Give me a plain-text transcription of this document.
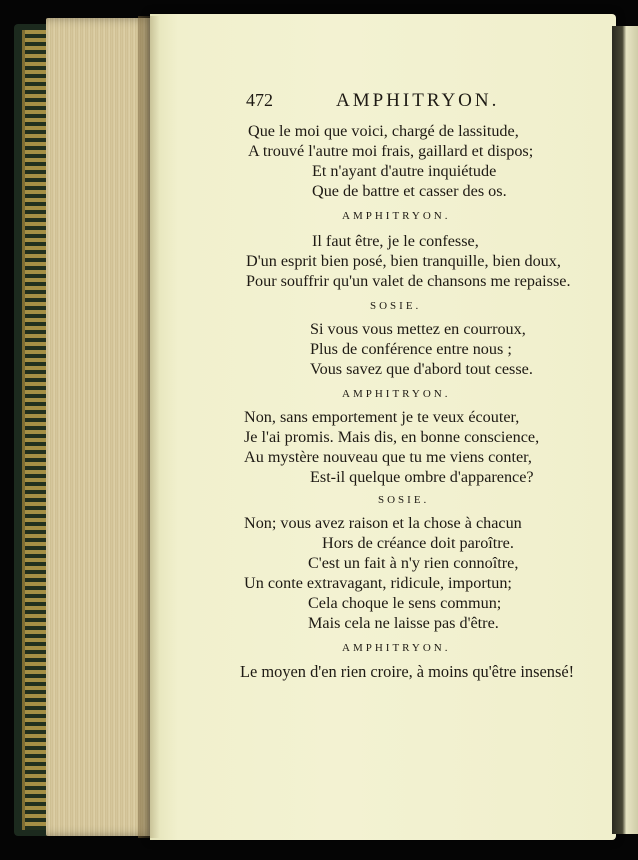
472	AMPHITRYON.
Que le moi que voici, chargé de lassitude,
A trouvé l'autre moi frais, gaillard et dispos;
Et n'ayant d'autre inquiétude
Que de battre et casser des os.
AMPHITRYON.
Il faut être, je le confesse,
D'un esprit bien posé, bien tranquille, bien doux,
Pour souffrir qu'un valet de chansons me repaisse.
SOSIE.
Si vous vous mettez en courroux,
Plus de conférence entre nous ;
Vous savez que d'abord tout cesse.
AMPHITRYON.
Non, sans emportement je te veux écouter,
Je l'ai promis. Mais dis, en bonne conscience,
Au mystère nouveau que tu me viens conter,
Est-il quelque ombre d'apparence?
SOSIE.
Non; vous avez raison et la chose à chacun
Hors de créance doit paroître.
C'est un fait à n'y rien connoître,
Un conte extravagant, ridicule, importun;
Cela choque le sens commun;
Mais cela ne laisse pas d'être.
AMPHITRYON.
Le moyen d'en rien croire, à moins qu'être insensé!
